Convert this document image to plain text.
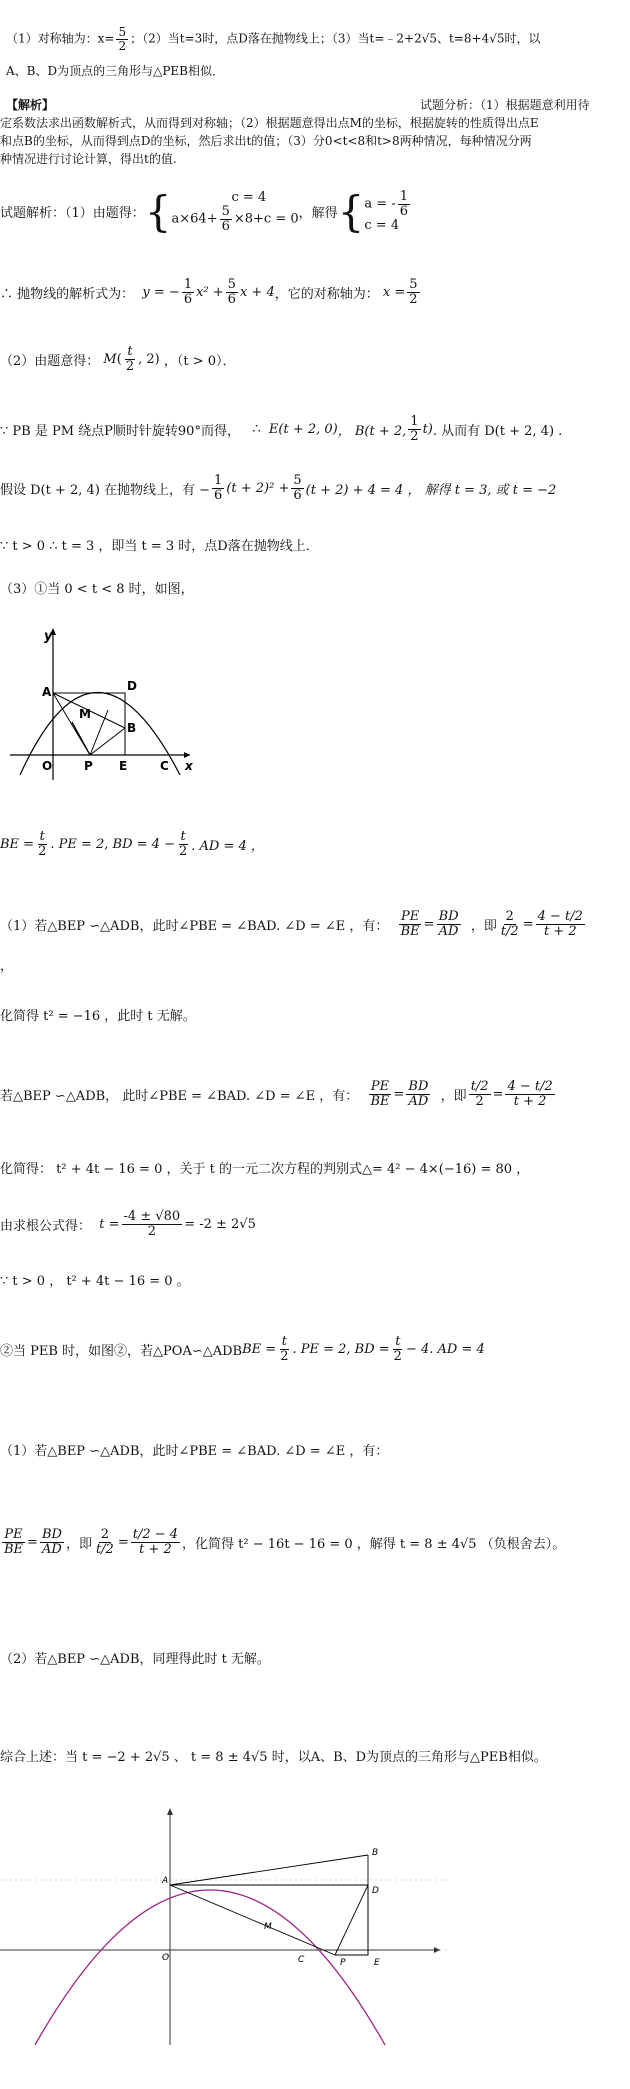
（1）对称轴为：$x= \frac{5}{2}$ ；（2）当t=3时，点D落在抛物线上；（3）当t=﹣2+2√5、t=8+4√5时，以
A、B、D为顶点的三角形与△PEB相似．
【解析】	试题分析：（1）根据题意利用待
定系数法求出函数解析式，从而得到对称轴；（2）根据题意得出点M的坐标，根据旋转的性质得出点E
和点B的坐标，从而得到点D的坐标，然后求出t的值；（3）分0<t<8和t>8两种情况，每种情况分两
种情况进行讨论计算，得出t的值.
试题解析：（1）由题得： {	c = 4
$a\times 64+ \frac{5}{6} \times 8+c = 0$ ，解得 { a = - $\frac{1}{6}$
c = 4
∴ 抛物线的解析式为：
y = − $\frac{1}{6} x^2 + \frac{5}{6}$ x + 4 ，它的对称轴为：
$x = \frac{5}{2}$
（2）由题意得：
M ( $\frac{t}{2}$ , 2)
，（t > 0）．
∵ PB 是 PM 绕点P顺时针旋转90°而得，
∴
E(t + 2, 0) ， B(t + 2, $\frac{1}{2} t$) . 从而有 D(t + 2, 4) .
假设 D(t + 2, 4) 在抛物线上，有 − $\frac{1}{6} (t + 2)^2 + \frac{5}{6} (t + 2) + 4 = 4$ ， 解得 t = 3, 或 t = −2
∵ t > 0 ∴ t = 3 ，即当 t = 3 时，点D落在抛物线上．
（3）①当 0 < t < 8 时，如图，
y
A	D
M
B
O	P E	C x
BE = $\frac{t}{2}$ . PE = 2, BD = $4 - \frac{t}{2}$ . AD = 4 ，
（1）若△BEP ∽△ADB，此时∠PBE = ∠BAD. ∠D = ∠E ，有：
$\frac{PE}{BE} = \frac{BD}{AD}$
，即 $\frac{2}{t/2} = \frac{4 - t/2}{t + 2}$
，
化简得 t² = −16 ，此时 t 无解。
若△BEP ∽△ADB， 此时∠PBE = ∠BAD. ∠D = ∠E ，有：
$\frac{PE}{BE} = \frac{BD}{AD}$
，即 $\frac{t/2}{2} = \frac{4 - t/2}{t + 2}$
化简得： t² + 4t − 16 = 0 ，关于 t 的一元二次方程的判别式△= 4² − 4×(−16) = 80 ，
由求根公式得：
$t = \frac{-4 \pm √80}{2} = -2 \pm 2√5$
∵ t > 0 ， t² + 4t − 16 = 0 。
②当 PEB 时，如图②，若△POA∽△ADB BE = $\frac{t}{2}$ . PE = 2, BD = $\frac{t}{2} - 4$. AD = 4
（1）若△BEP ∽△ADB，此时∠PBE = ∠BAD. ∠D = ∠E ，有：
$\frac{PE}{BE} = \frac{BD}{AD}$ ，即 $\frac{2}{t/2} = \frac{t/2 - 4}{t + 2}$ ，化简得 t² − 16t − 16 = 0 ，解得 t = 8 ± 4√5 （负根舍去）。
（2）若△BEP ∽△ADB，同理得此时 t 无解。
综合上述：当 t = −2 + 2√5 、 t = 8 ± 4√5 时，以A、B、D为顶点的三角形与△PEB相似。
A
B
D
M
O	C	P	E
